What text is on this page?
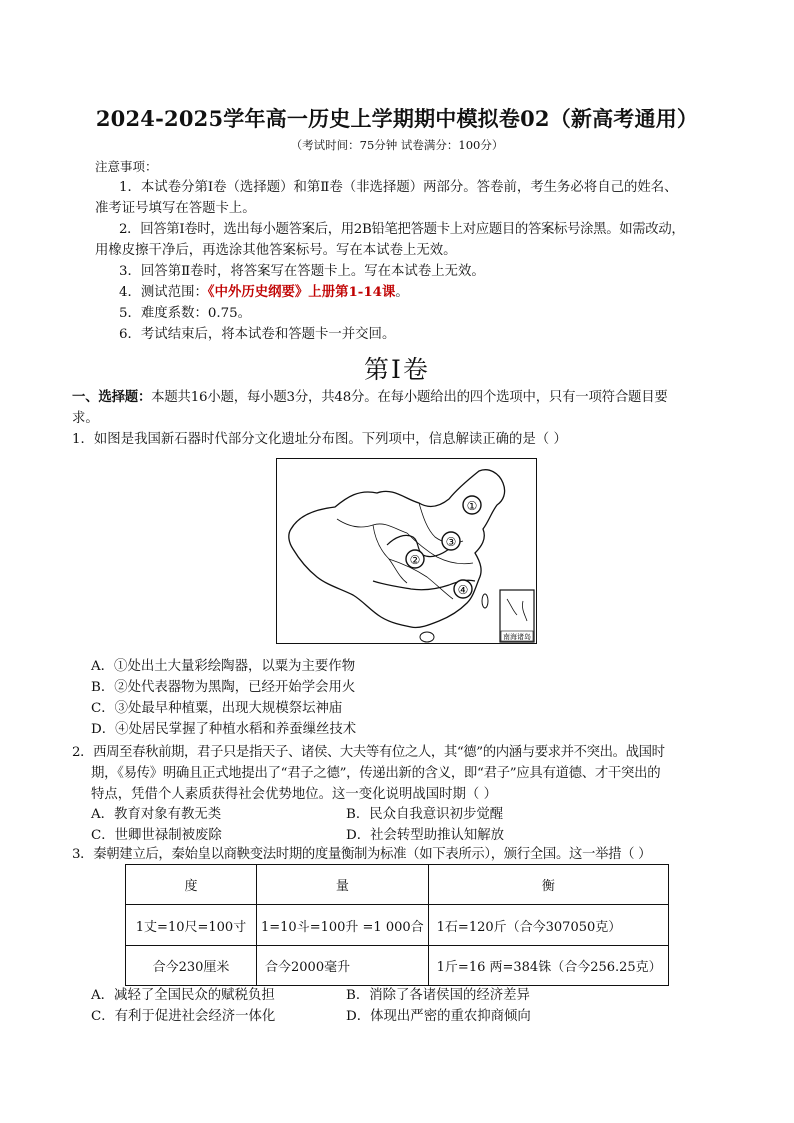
2024-2025学年高一历史上学期期中模拟卷02（新高考通用）
（考试时间：75分钟 试卷满分：100分）
注意事项：
1．本试卷分第Ⅰ卷（选择题）和第Ⅱ卷（非选择题）两部分。答卷前，考生务必将自己的姓名、
准考证号填写在答题卡上。
2．回答第Ⅰ卷时，选出每小题答案后，用2B铅笔把答题卡上对应题目的答案标号涂黑。如需改动，
用橡皮擦干净后，再选涂其他答案标号。写在本试卷上无效。
3．回答第Ⅱ卷时，将答案写在答题卡上。写在本试卷上无效。
4．测试范围：《中外历史纲要》上册第1-14课。
5．难度系数：0.75。
6．考试结束后，将本试卷和答题卡一并交回。
第Ⅰ卷
一、选择题：本题共16小题，每小题3分，共48分。在每小题给出的四个选项中，只有一项符合题目要
求。
1．如图是我国新石器时代部分文化遗址分布图。下列项中，信息解读正确的是（ ）
①
②
③
④
南海诸岛
A．①处出土大量彩绘陶器，以粟为主要作物
B．②处代表器物为黑陶，已经开始学会用火
C．③处最早种植粟，出现大规模祭坛神庙
D．④处居民掌握了种植水稻和养蚕缫丝技术
2．西周至春秋前期，君子只是指天子、诸侯、大夫等有位之人，其“德”的内涵与要求并不突出。战国时
期，《易传》明确且正式地提出了“君子之德”，传递出新的含义，即“君子”应具有道德、才干突出的
特点，凭借个人素质获得社会优势地位。这一变化说明战国时期（ ）
A．教育对象有教无类	B．民众自我意识初步觉醒
C．世卿世禄制被废除	D．社会转型助推认知解放
3．秦朝建立后，秦始皇以商鞅变法时期的度量衡制为标准（如下表所示），颁行全国。这一举措（ ）
度	量	衡
1丈=10尺=100寸	1=10斗=100升 =1 000合	1石=120斤（合今307050克）
合今230厘米	合今2000毫升	1斤=16 两=384铢（合今256.25克）
A．减轻了全国民众的赋税负担	B．消除了各诸侯国的经济差异
C．有利于促进社会经济一体化	D．体现出严密的重农抑商倾向
